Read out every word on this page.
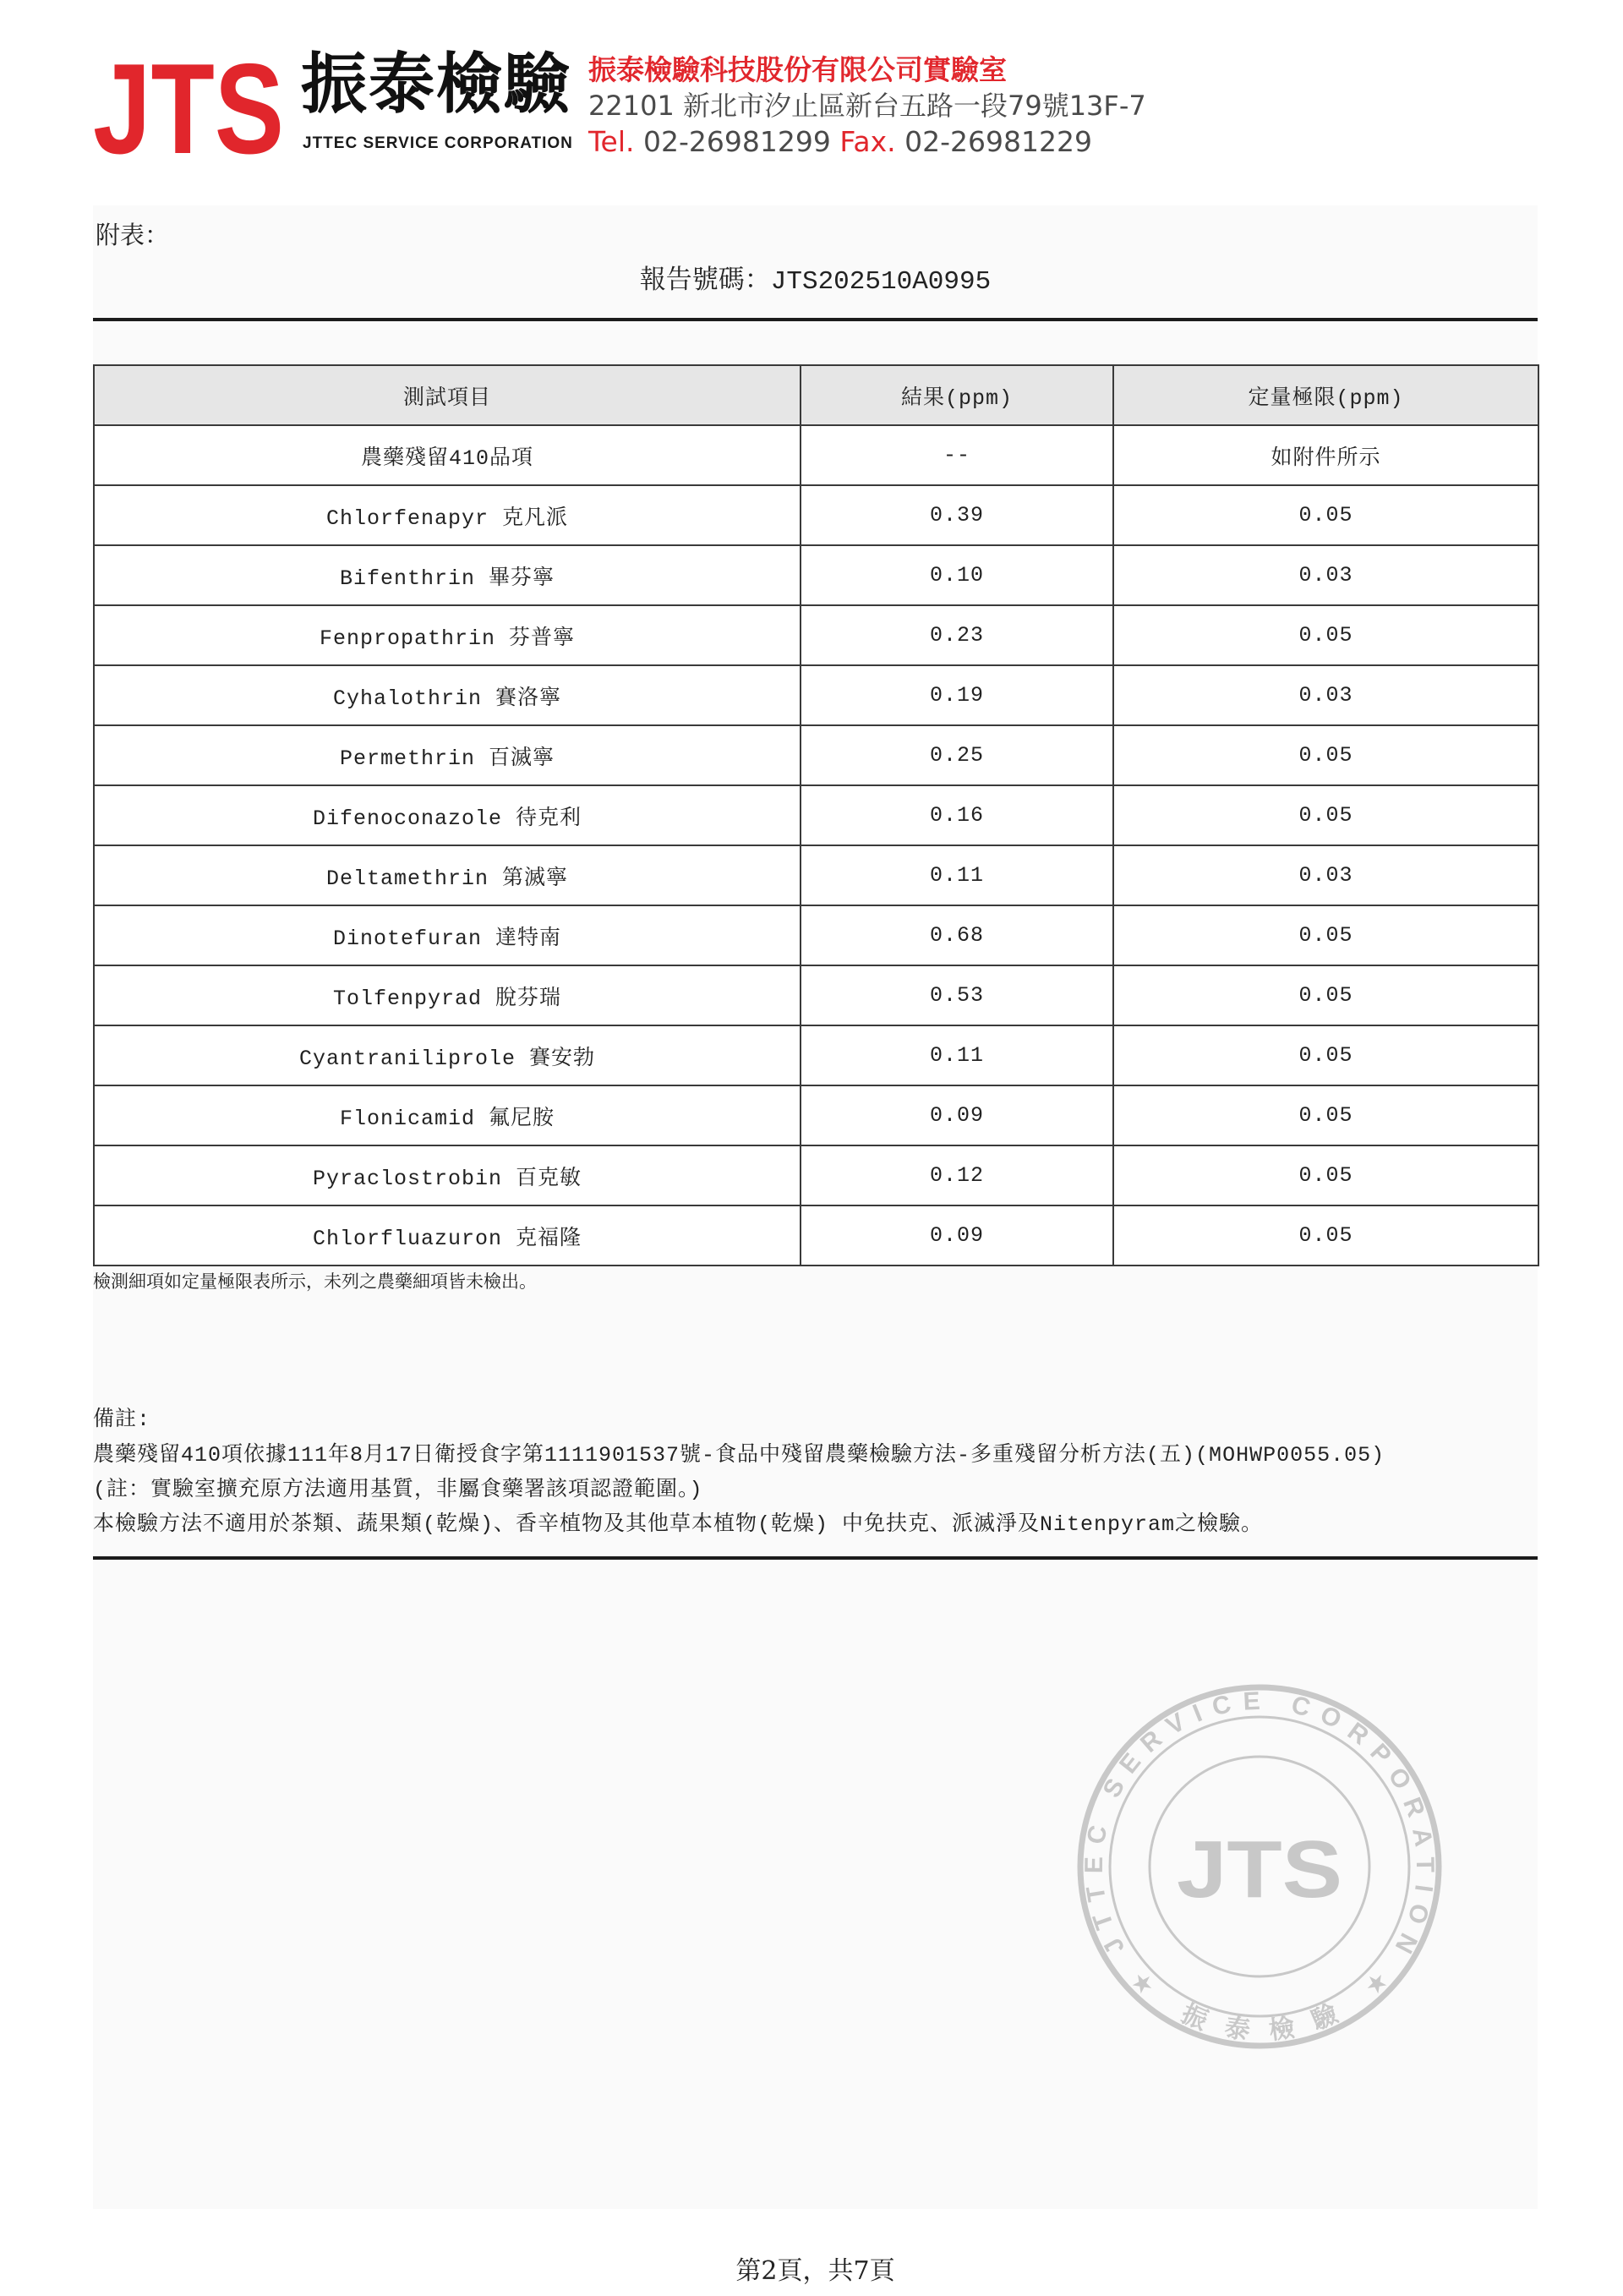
JTS 振泰檢驗
JTTEC SERVICE CORPORATION
振泰檢驗科技股份有限公司實驗室
22101 新北市汐止區新台五路一段79號13F-7
Tel. 02-26981299 Fax. 02-26981229
附表：
報告號碼：JTS202510A0995
測試項目	結果(ppm)	定量極限(ppm)
農藥殘留410品項	--	如附件所示
Chlorfenapyr 克凡派	0.39	0.05
Bifenthrin 畢芬寧	0.10	0.03
Fenpropathrin 芬普寧	0.23	0.05
Cyhalothrin 賽洛寧	0.19	0.03
Permethrin 百滅寧	0.25	0.05
Difenoconazole 待克利	0.16	0.05
Deltamethrin 第滅寧	0.11	0.03
Dinotefuran 達特南	0.68	0.05
Tolfenpyrad 脫芬瑞	0.53	0.05
Cyantraniliprole 賽安勃	0.11	0.05
Flonicamid 氟尼胺	0.09	0.05
Pyraclostrobin 百克敏	0.12	0.05
Chlorfluazuron 克福隆	0.09	0.05
檢測細項如定量極限表所示，未列之農藥細項皆未檢出。
備註:
農藥殘留410項依據111年8月17日衛授食字第1111901537號-食品中殘留農藥檢驗方法-多重殘留分析方法(五)(MOHWP0055.05)
(註：實驗室擴充原方法適用基質，非屬食藥署該項認證範圍。)
本檢驗方法不適用於茶類、蔬果類(乾燥)、香辛植物及其他草本植物(乾燥) 中免扶克、派滅淨及Nitenpyram之檢驗。
JTTEC SERVICE CORPORATION
振泰檢驗
★	★
JTS
第2頁，共7頁
